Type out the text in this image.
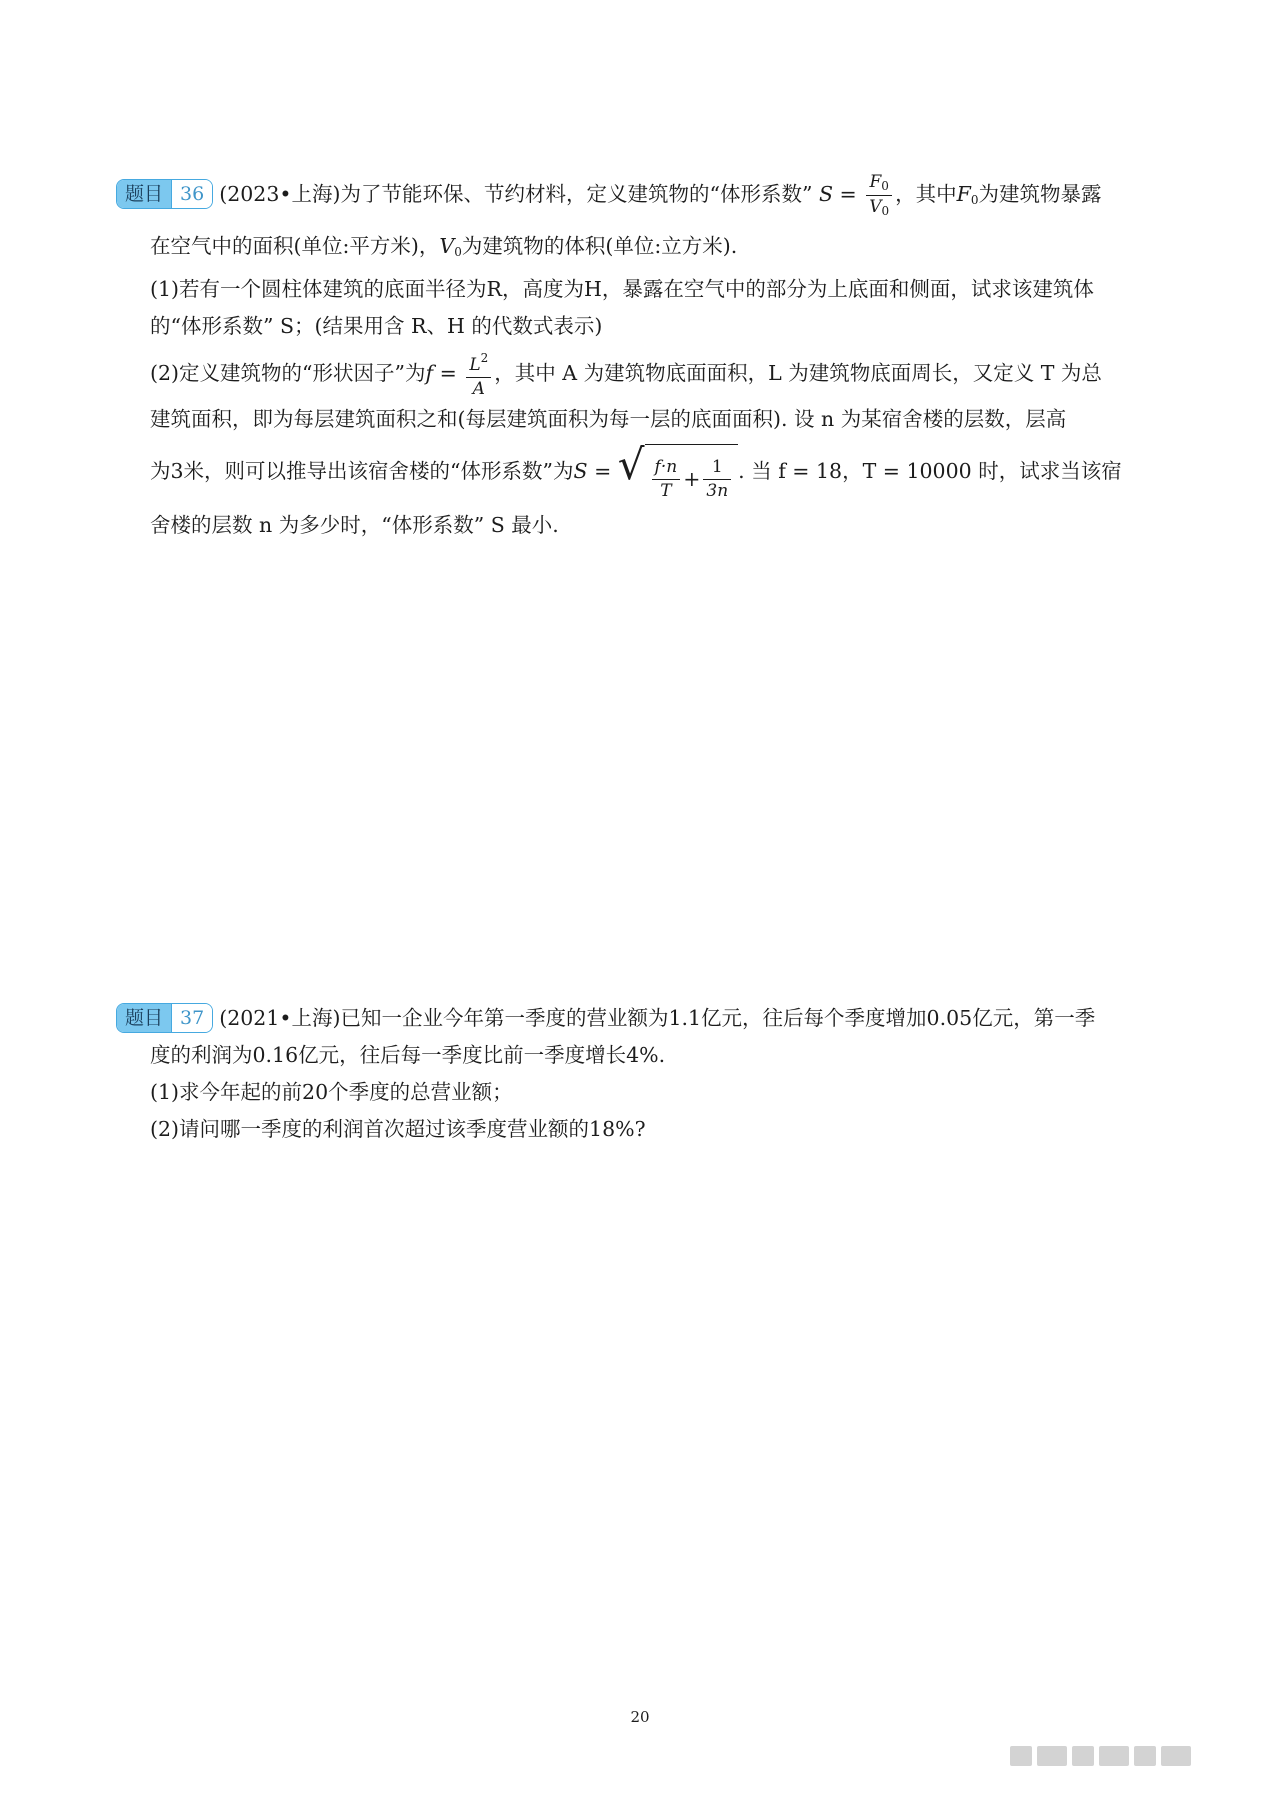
题目 36 (2023•上海)为了节能环保、节约材料，定义建筑物的“体形系数” $S = \frac{F_0}{V_0}$ ，其中$F_0$为建筑物暴露
在空气中的面积(单位:平方米)，$V_0$为建筑物的体积(单位:立方米).
(1)若有一个圆柱体建筑的底面半径为R，高度为H，暴露在空气中的部分为上底面和侧面，试求该建筑体
的“体形系数” S；(结果用含 R、H 的代数式表示)
(2)定义建筑物的“形状因子”为$f = \frac{L^2}{A}$ ，其中 A 为建筑物底面面积，L 为建筑物底面周长，又定义 T 为总
建筑面积，即为每层建筑面积之和(每层建筑面积为每一层的底面面积). 设 n 为某宿舍楼的层数，层高
为3米，则可以推导出该宿舍楼的“体形系数”为S = √ $\frac{f\cdot n}{T} + \frac{1}{3n}$ . 当 f = 18，T = 10000 时，试求当该宿
舍楼的层数 n 为多少时，“体形系数” S 最小.
题目 37 (2021•上海)已知一企业今年第一季度的营业额为1.1亿元，往后每个季度增加0.05亿元，第一季
度的利润为0.16亿元，往后每一季度比前一季度增长4%.
(1)求今年起的前20个季度的总营业额；
(2)请问哪一季度的利润首次超过该季度营业额的18%?
20
